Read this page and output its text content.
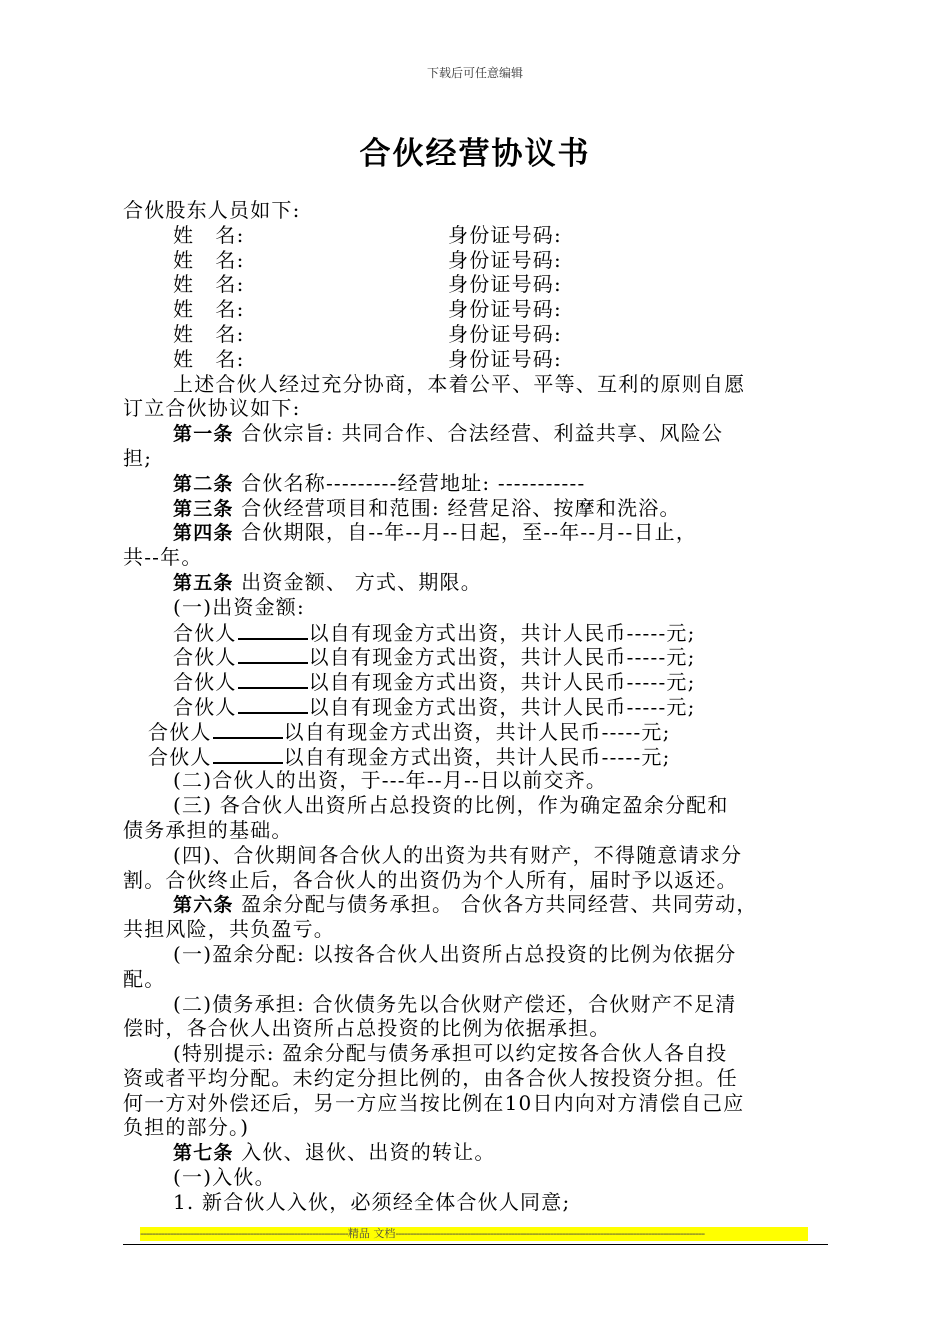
下载后可任意编辑
合伙经营协议书
合伙股东人员如下:
姓　名:	身份证号码:
姓　名:	身份证号码:
姓　名:	身份证号码:
姓　名:	身份证号码:
姓　名:	身份证号码:
姓　名:	身份证号码:
上述合伙人经过充分协商，本着公平、平等、互利的原则自愿
订立合伙协议如下:
第一条 合伙宗旨: 共同合作、合法经营、利益共享、风险公
担;
第二条 合伙名称---------经营地址: -----------
第三条 合伙经营项目和范围: 经营足浴、按摩和洗浴。
第四条 合伙期限，自--年--月--日起，至--年--月--日止，
共--年。
第五条 出资金额、 方式、期限。
(一)出资金额:
合伙人	以自有现金方式出资，共计人民币-----元;
合伙人	以自有现金方式出资，共计人民币-----元;
合伙人	以自有现金方式出资，共计人民币-----元;
合伙人	以自有现金方式出资，共计人民币-----元;
合伙人	以自有现金方式出资，共计人民币-----元;
合伙人	以自有现金方式出资，共计人民币-----元;
(二)合伙人的出资，于---年--月--日以前交齐。
(三) 各合伙人出资所占总投资的比例，作为确定盈余分配和
债务承担的基础。
(四)、合伙期间各合伙人的出资为共有财产，不得随意请求分
割。合伙终止后，各合伙人的出资仍为个人所有，届时予以返还。
第六条 盈余分配与债务承担。 合伙各方共同经营、共同劳动，
共担风险，共负盈亏。
(一)盈余分配: 以按各合伙人出资所占总投资的比例为依据分
配。
(二)债务承担: 合伙债务先以合伙财产偿还，合伙财产不足清
偿时，各合伙人出资所占总投资的比例为依据承担。
(特别提示: 盈余分配与债务承担可以约定按各合伙人各自投
资或者平均分配。未约定分担比例的，由各合伙人按投资分担。任
何一方对外偿还后，另一方应当按比例在10日内向对方清偿自己应
负担的部分。)
第七条 入伙、退伙、出资的转让。
(一)入伙。
1. 新合伙人入伙，必须经全体合伙人同意;
----------------------------------------------------------------------精品 文档--------------------------------------------------------------------------------------------------------
